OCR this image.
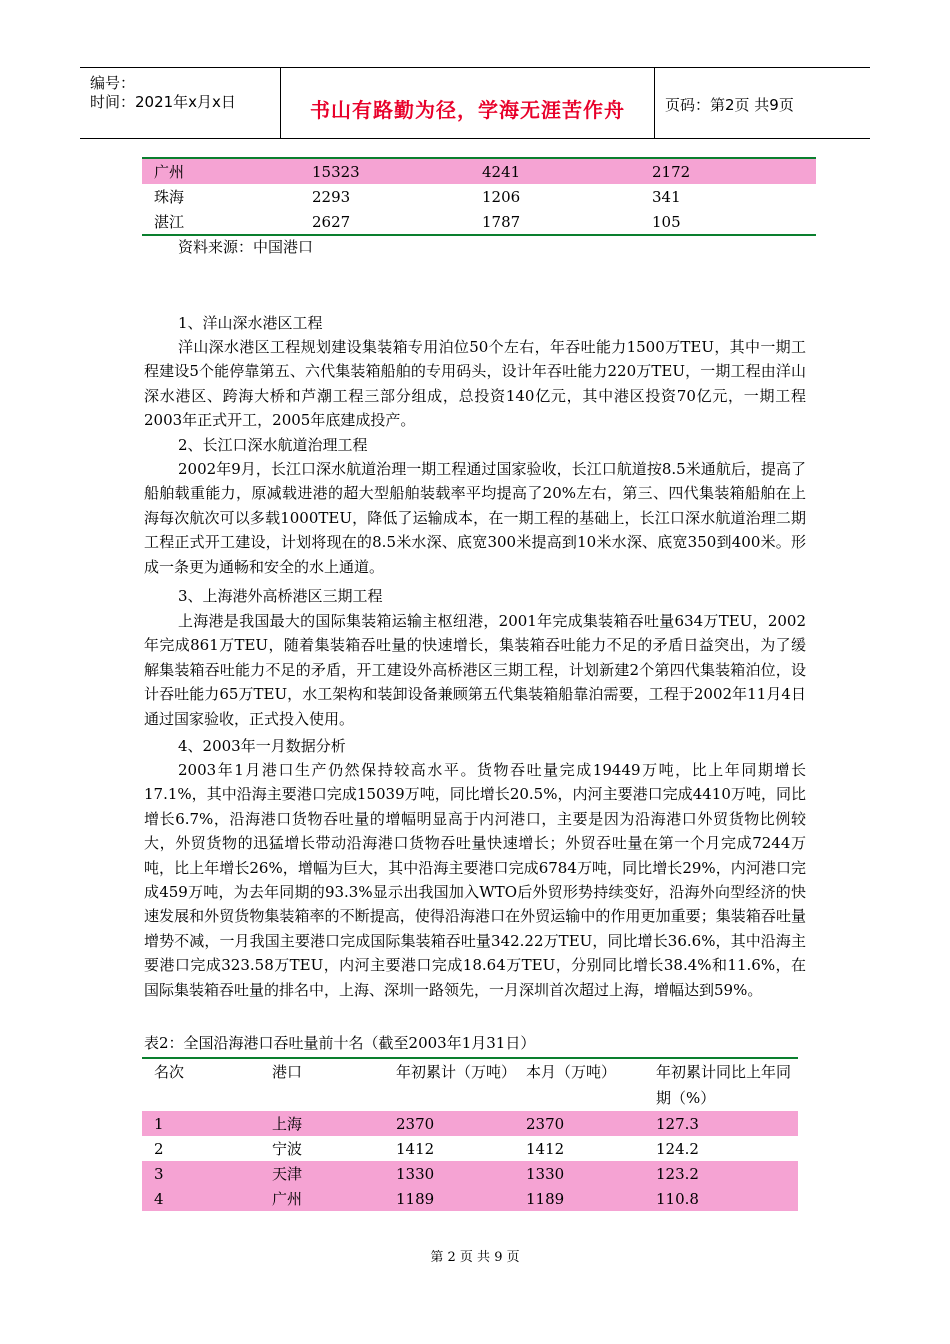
编号：
时间：2021年x月x日	书山有路勤为径，学海无涯苦作舟	页码：第2页 共9页
广州	15323	4241	2172
珠海	2293	1206	341
湛江	2627	1787	105
资料来源：中国港口
1、洋山深水港区工程

洋山深水港区工程规划建设集装箱专用泊位50个左右，年吞吐能力1500万TEU，其中一期工程建设5个能停靠第五、六代集装箱船舶的专用码头，设计年吞吐能力220万TEU，一期工程由洋山深水港区、跨海大桥和芦潮工程三部分组成，总投资140亿元，其中港区投资70亿元，一期工程2003年正式开工，2005年底建成投产。

2、长江口深水航道治理工程

2002年9月，长江口深水航道治理一期工程通过国家验收，长江口航道按8.5米通航后，提高了船舶载重能力，原减载进港的超大型船舶装载率平均提高了20%左右，第三、四代集装箱船舶在上海每次航次可以多载1000TEU，降低了运输成本，在一期工程的基础上，长江口深水航道治理二期工程正式开工建设，计划将现在的8.5米水深、底宽300米提高到10米水深、底宽350到400米。形成一条更为通畅和安全的水上通道。

3、上海港外高桥港区三期工程

上海港是我国最大的国际集装箱运输主枢纽港，2001年完成集装箱吞吐量634万TEU，2002年完成861万TEU，随着集装箱吞吐量的快速增长，集装箱吞吐能力不足的矛盾日益突出，为了缓解集装箱吞吐能力不足的矛盾，开工建设外高桥港区三期工程，计划新建2个第四代集装箱泊位，设计吞吐能力65万TEU，水工架构和装卸设备兼顾第五代集装箱船靠泊需要，工程于2002年11月4日通过国家验收，正式投入使用。

4、2003年一月数据分析

2003年1月港口生产仍然保持较高水平。货物吞吐量完成19449万吨，比上年同期增长17.1%，其中沿海主要港口完成15039万吨，同比增长20.5%，内河主要港口完成4410万吨，同比增长6.7%，沿海港口货物吞吐量的增幅明显高于内河港口，主要是因为沿海港口外贸货物比例较大，外贸货物的迅猛增长带动沿海港口货物吞吐量快速增长；外贸吞吐量在第一个月完成7244万吨，比上年增长26%，增幅为巨大，其中沿海主要港口完成6784万吨，同比增长29%，内河港口完成459万吨，为去年同期的93.3%显示出我国加入WTO后外贸形势持续变好，沿海外向型经济的快速发展和外贸货物集装箱率的不断提高，使得沿海港口在外贸运输中的作用更加重要；集装箱吞吐量增势不减，一月我国主要港口完成国际集装箱吞吐量342.22万TEU，同比增长36.6%，其中沿海主要港口完成323.58万TEU，内河主要港口完成18.64万TEU，分别同比增长38.4%和11.6%，在国际集装箱吞吐量的排名中，上海、深圳一路领先，一月深圳首次超过上海，增幅达到59%。

表2：全国沿海港口吞吐量前十名（截至2003年1月31日）
名次	港口	年初累计（万吨）	本月（万吨）	年初累计同比上年同期（%）
1	上海	2370	2370	127.3
2	宁波	1412	1412	124.2
3	天津	1330	1330	123.2
4	广州	1189	1189	110.8
第 2 页 共 9 页
